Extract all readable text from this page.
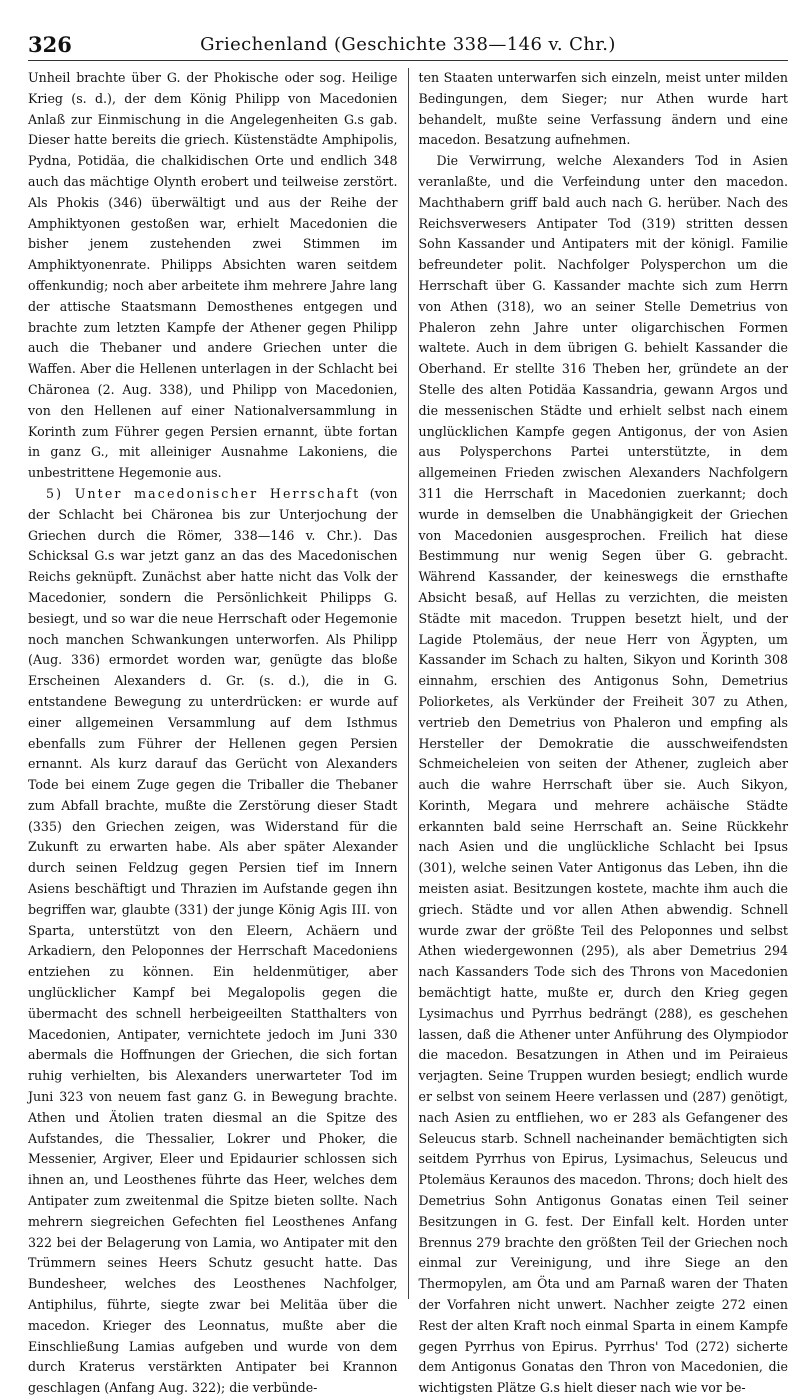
326	Griechenland (Geschichte 338—146 v. Chr.)

Unheil brachte über G. der Phokische oder sog. Heilige Krieg (s. d.), der dem König Philipp von Macedonien Anlaß zur Einmischung in die Angelegenheiten G.s gab. Dieser hatte bereits die griech. Küstenstädte Amphipolis, Pydna, Potidäa, die chalkidischen Orte und endlich 348 auch das mächtige Olynth erobert und teilweise zerstört. Als Phokis (346) überwältigt und aus der Reihe der Amphiktyonen gestoßen war, erhielt Macedonien die bisher jenem zustehenden zwei Stimmen im Amphiktyonenrate. Philipps Absichten waren seitdem offenkundig; noch aber arbeitete ihm mehrere Jahre lang der attische Staatsmann Demosthenes entgegen und brachte zum letzten Kampfe der Athener gegen Philipp auch die Thebaner und andere Griechen unter die Waffen. Aber die Hellenen unterlagen in der Schlacht bei Chäronea (2. Aug. 338), und Philipp von Macedonien, von den Hellenen auf einer Nationalversammlung in Korinth zum Führer gegen Persien ernannt, übte fortan in ganz G., mit alleiniger Ausnahme Lakoniens, die unbestrittene Hegemonie aus.

5) Unter macedonischer Herrschaft (von der Schlacht bei Chäronea bis zur Unterjochung der Griechen durch die Römer, 338—146 v. Chr.). Das Schicksal G.s war jetzt ganz an das des Macedonischen Reichs geknüpft. Zunächst aber hatte nicht das Volk der Macedonier, sondern die Persönlichkeit Philipps G. besiegt, und so war die neue Herrschaft oder Hegemonie noch manchen Schwankungen unterworfen. Als Philipp (Aug. 336) ermordet worden war, genügte das bloße Erscheinen Alexanders d. Gr. (s. d.), die in G. entstandene Bewegung zu unterdrücken: er wurde auf einer allgemeinen Versammlung auf dem Isthmus ebenfalls zum Führer der Hellenen gegen Persien ernannt. Als kurz darauf das Gerücht von Alexanders Tode bei einem Zuge gegen die Triballer die Thebaner zum Abfall brachte, mußte die Zerstörung dieser Stadt (335) den Griechen zeigen, was Widerstand für die Zukunft zu erwarten habe. Als aber später Alexander durch seinen Feldzug gegen Persien tief im Innern Asiens beschäftigt und Thrazien im Aufstande gegen ihn begriffen war, glaubte (331) der junge König Agis III. von Sparta, unterstützt von den Eleern, Achäern und Arkadiern, den Peloponnes der Herrschaft Macedoniens entziehen zu können. Ein heldenmütiger, aber unglücklicher Kampf bei Megalopolis gegen die übermacht des schnell herbeigeeilten Statthalters von Macedonien, Antipater, vernichtete jedoch im Juni 330 abermals die Hoffnungen der Griechen, die sich fortan ruhig verhielten, bis Alexanders unerwarteter Tod im Juni 323 von neuem fast ganz G. in Bewegung brachte. Athen und Ätolien traten diesmal an die Spitze des Aufstandes, die Thessalier, Lokrer und Phoker, die Messenier, Argiver, Eleer und Epidaurier schlossen sich ihnen an, und Leosthenes führte das Heer, welches dem Antipater zum zweitenmal die Spitze bieten sollte. Nach mehrern siegreichen Gefechten fiel Leosthenes Anfang 322 bei der Belagerung von Lamia, wo Antipater mit den Trümmern seines Heers Schutz gesucht hatte. Das Bundesheer, welches des Leosthenes Nachfolger, Antiphilus, führte, siegte zwar bei Melitäa über die macedon. Krieger des Leonnatus, mußte aber die Einschließung Lamias aufgeben und wurde von dem durch Kraterus verstärkten Antipater bei Krannon geschlagen (Anfang Aug. 322); die verbünde-

ten Staaten unterwarfen sich einzeln, meist unter milden Bedingungen, dem Sieger; nur Athen wurde hart behandelt, mußte seine Verfassung ändern und eine macedon. Besatzung aufnehmen.

Die Verwirrung, welche Alexanders Tod in Asien veranlaßte, und die Verfeindung unter den macedon. Machthabern griff bald auch nach G. herüber. Nach des Reichsverwesers Antipater Tod (319) stritten dessen Sohn Kassander und Antipaters mit der königl. Familie befreundeter polit. Nachfolger Polysperchon um die Herrschaft über G. Kassander machte sich zum Herrn von Athen (318), wo an seiner Stelle Demetrius von Phaleron zehn Jahre unter oligarchischen Formen waltete. Auch in dem übrigen G. behielt Kassander die Oberhand. Er stellte 316 Theben her, gründete an der Stelle des alten Potidäa Kassandria, gewann Argos und die messenischen Städte und erhielt selbst nach einem unglücklichen Kampfe gegen Antigonus, der von Asien aus Polysperchons Partei unterstützte, in dem allgemeinen Frieden zwischen Alexanders Nachfolgern 311 die Herrschaft in Macedonien zuerkannt; doch wurde in demselben die Unabhängigkeit der Griechen von Macedonien ausgesprochen. Freilich hat diese Bestimmung nur wenig Segen über G. gebracht. Während Kassander, der keineswegs die ernsthafte Absicht besaß, auf Hellas zu verzichten, die meisten Städte mit macedon. Truppen besetzt hielt, und der Lagide Ptolemäus, der neue Herr von Ägypten, um Kassander im Schach zu halten, Sikyon und Korinth 308 einnahm, erschien des Antigonus Sohn, Demetrius Poliorketes, als Verkünder der Freiheit 307 zu Athen, vertrieb den Demetrius von Phaleron und empfing als Hersteller der Demokratie die ausschweifendsten Schmeicheleien von seiten der Athener, zugleich aber auch die wahre Herrschaft über sie. Auch Sikyon, Korinth, Megara und mehrere achäische Städte erkannten bald seine Herrschaft an. Seine Rückkehr nach Asien und die unglückliche Schlacht bei Ipsus (301), welche seinen Vater Antigonus das Leben, ihn die meisten asiat. Besitzungen kostete, machte ihm auch die griech. Städte und vor allen Athen abwendig. Schnell wurde zwar der größte Teil des Peloponnes und selbst Athen wiedergewonnen (295), als aber Demetrius 294 nach Kassanders Tode sich des Throns von Macedonien bemächtigt hatte, mußte er, durch den Krieg gegen Lysimachus und Pyrrhus bedrängt (288), es geschehen lassen, daß die Athener unter Anführung des Olympiodor die macedon. Besatzungen in Athen und im Peiraieus verjagten. Seine Truppen wurden besiegt; endlich wurde er selbst von seinem Heere verlassen und (287) genötigt, nach Asien zu entfliehen, wo er 283 als Gefangener des Seleucus starb. Schnell nacheinander bemächtigten sich seitdem Pyrrhus von Epirus, Lysimachus, Seleucus und Ptolemäus Keraunos des macedon. Throns; doch hielt des Demetrius Sohn Antigonus Gonatas einen Teil seiner Besitzungen in G. fest. Der Einfall kelt. Horden unter Brennus 279 brachte den größten Teil der Griechen noch einmal zur Vereinigung, und ihre Siege an den Thermopylen, am Öta und am Parnaß waren der Thaten der Vorfahren nicht unwert. Nachher zeigte 272 einen Rest der alten Kraft noch einmal Sparta in einem Kampfe gegen Pyrrhus von Epirus. Pyrrhus' Tod (272) sicherte dem Antigonus Gonatas den Thron von Macedonien, die wichtigsten Plätze G.s hielt dieser nach wie vor be-
